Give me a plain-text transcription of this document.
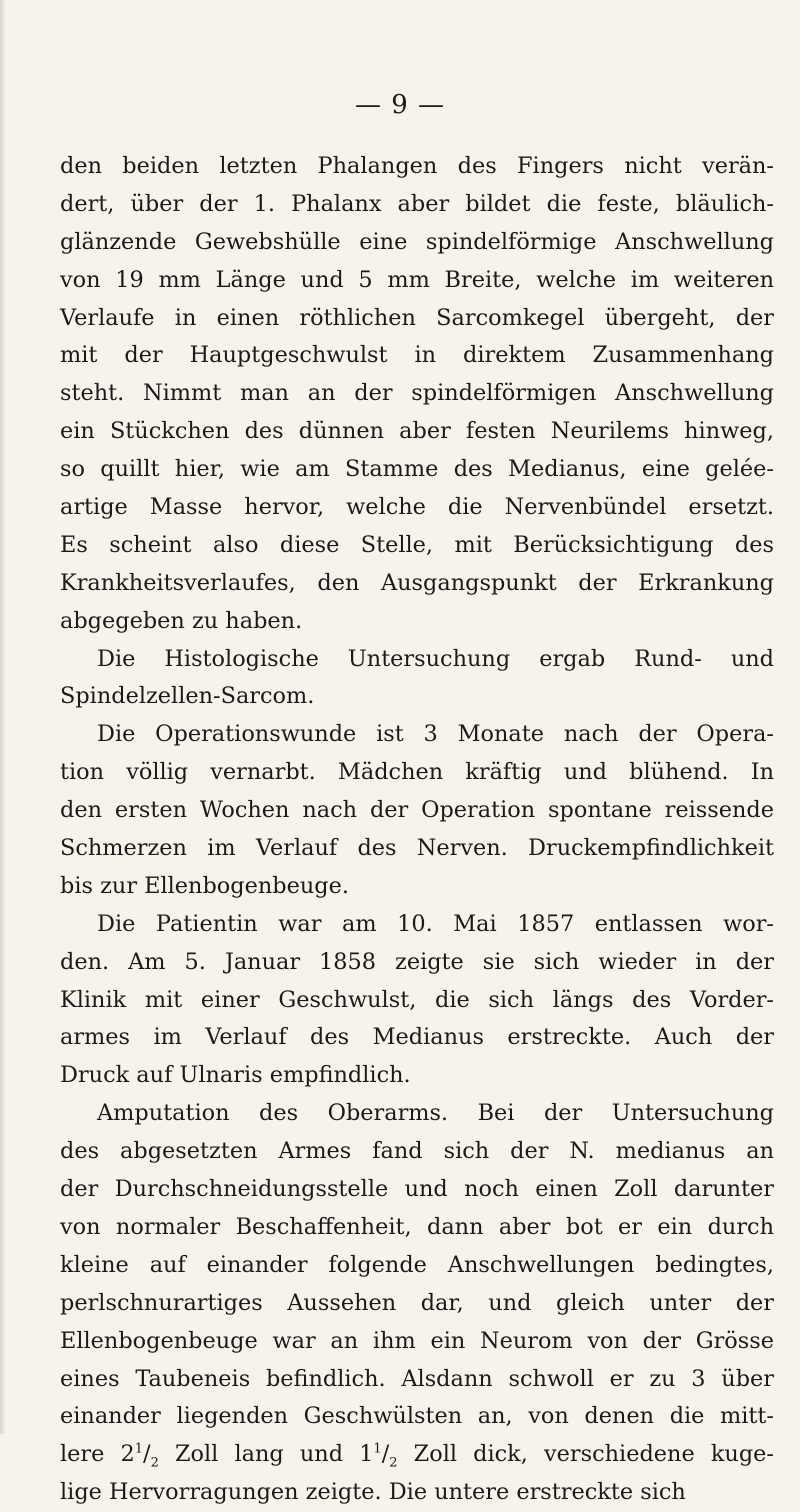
— 9 —
den beiden letzten Phalangen des Fingers nicht verän-
dert, über der 1. Phalanx aber bildet die feste, bläulich-
glänzende Gewebshülle eine spindelförmige Anschwellung
von 19 mm Länge und 5 mm Breite, welche im weiteren
Verlaufe in einen röthlichen Sarcomkegel übergeht, der
mit der Hauptgeschwulst in direktem Zusammenhang
steht. Nimmt man an der spindelförmigen Anschwellung
ein Stückchen des dünnen aber festen Neurilems hinweg,
so quillt hier, wie am Stamme des Medianus, eine gelée-
artige Masse hervor, welche die Nervenbündel ersetzt.
Es scheint also diese Stelle, mit Berücksichtigung des
Krankheitsverlaufes, den Ausgangspunkt der Erkrankung
abgegeben zu haben.
Die Histologische Untersuchung ergab Rund- und
Spindelzellen-Sarcom.
Die Operationswunde ist 3 Monate nach der Opera-
tion völlig vernarbt. Mädchen kräftig und blühend. In
den ersten Wochen nach der Operation spontane reissende
Schmerzen im Verlauf des Nerven. Druckempfindlichkeit
bis zur Ellenbogenbeuge.
Die Patientin war am 10. Mai 1857 entlassen wor-
den. Am 5. Januar 1858 zeigte sie sich wieder in der
Klinik mit einer Geschwulst, die sich längs des Vorder-
armes im Verlauf des Medianus erstreckte. Auch der
Druck auf Ulnaris empfindlich.
Amputation des Oberarms. Bei der Untersuchung
des abgesetzten Armes fand sich der N. medianus an
der Durchschneidungsstelle und noch einen Zoll darunter
von normaler Beschaffenheit, dann aber bot er ein durch
kleine auf einander folgende Anschwellungen bedingtes,
perlschnurartiges Aussehen dar, und gleich unter der
Ellenbogenbeuge war an ihm ein Neurom von der Grösse
eines Taubeneis befindlich. Alsdann schwoll er zu 3 über
einander liegenden Geschwülsten an, von denen die mitt-
lere $2^1/_2$ Zoll lang und $1^1/_2$ Zoll dick, verschiedene kuge-
lige Hervorragungen zeigte. Die untere erstreckte sich
